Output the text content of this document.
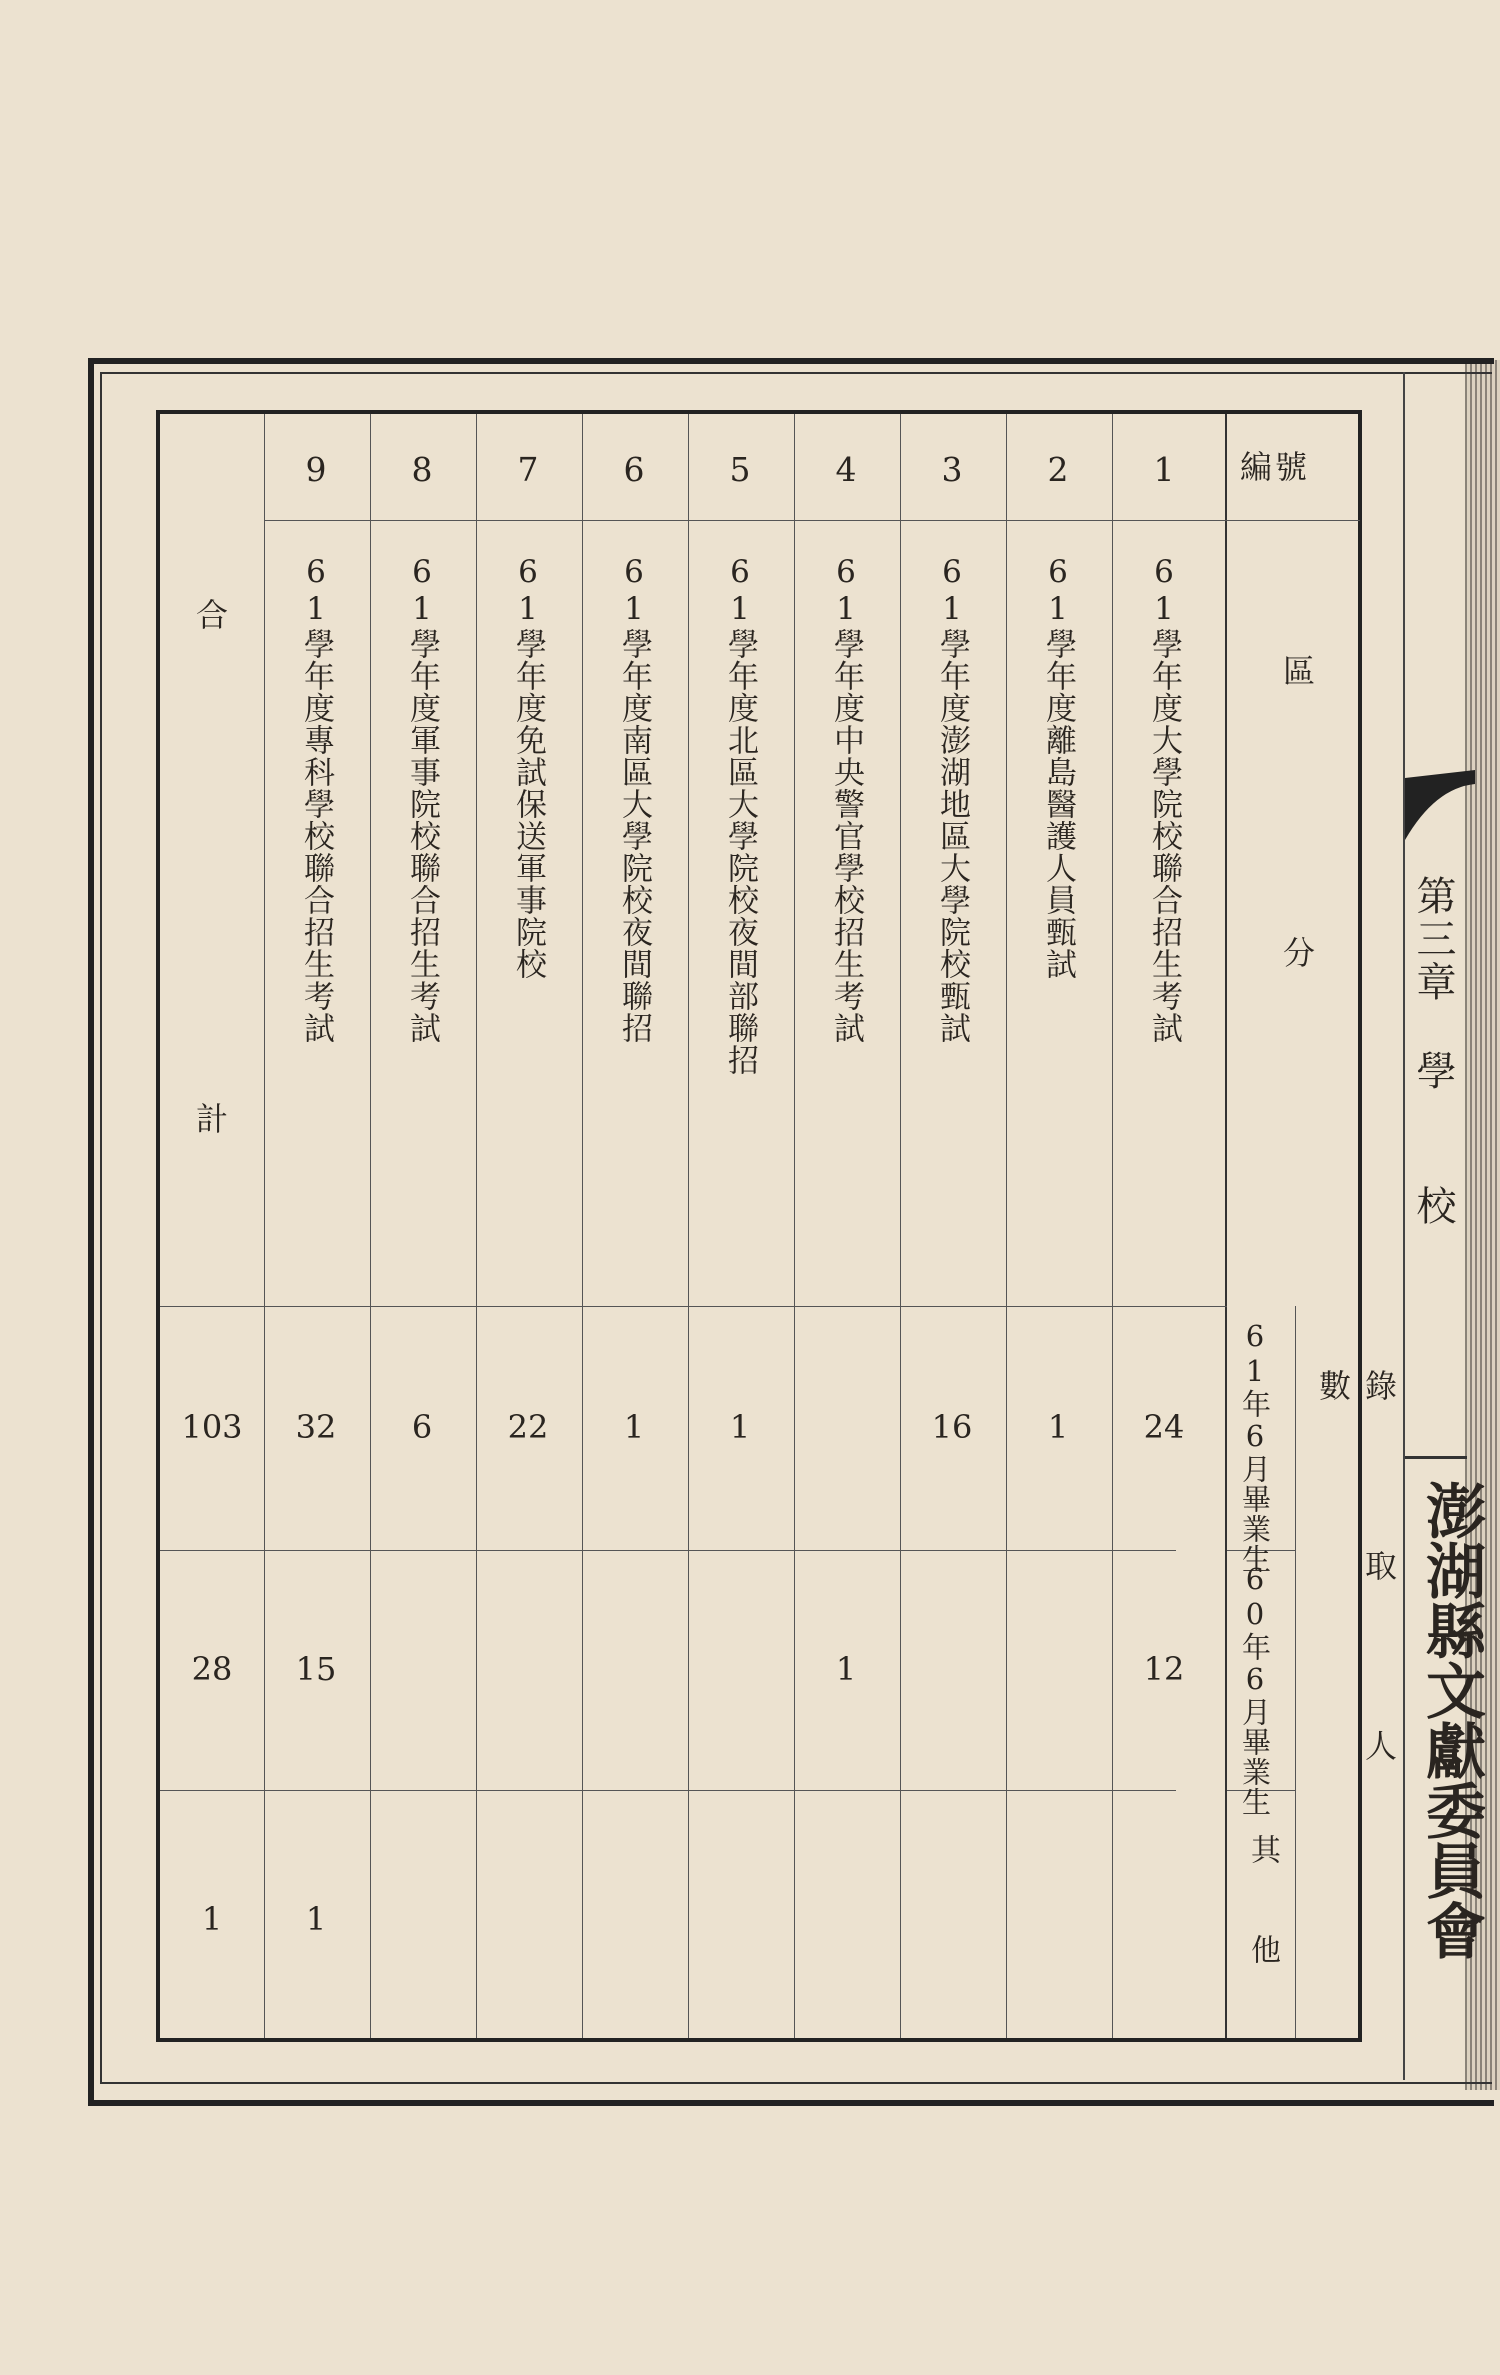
第三章
學
校
澎湖縣文獻委員會
編號
區分
錄取人數
61年6月畢業生
60年6月畢業生
其他
1
2
3
4
5
6
7
8
9
61學年度大學院校聯合招生考試
61學年度離島醫護人員甄試
61學年度澎湖地區大學院校甄試
61學年度中央警官學校招生考試
61學年度北區大學院校夜間部聯招
61學年度南區大學院校夜間聯招
61學年度免試保送軍事院校
61學年度軍事院校聯合招生考試
61學年度專科學校聯合招生考試
合
計
24
1
16
1
1
22
6
32
103
12
1
15
28
1
1
